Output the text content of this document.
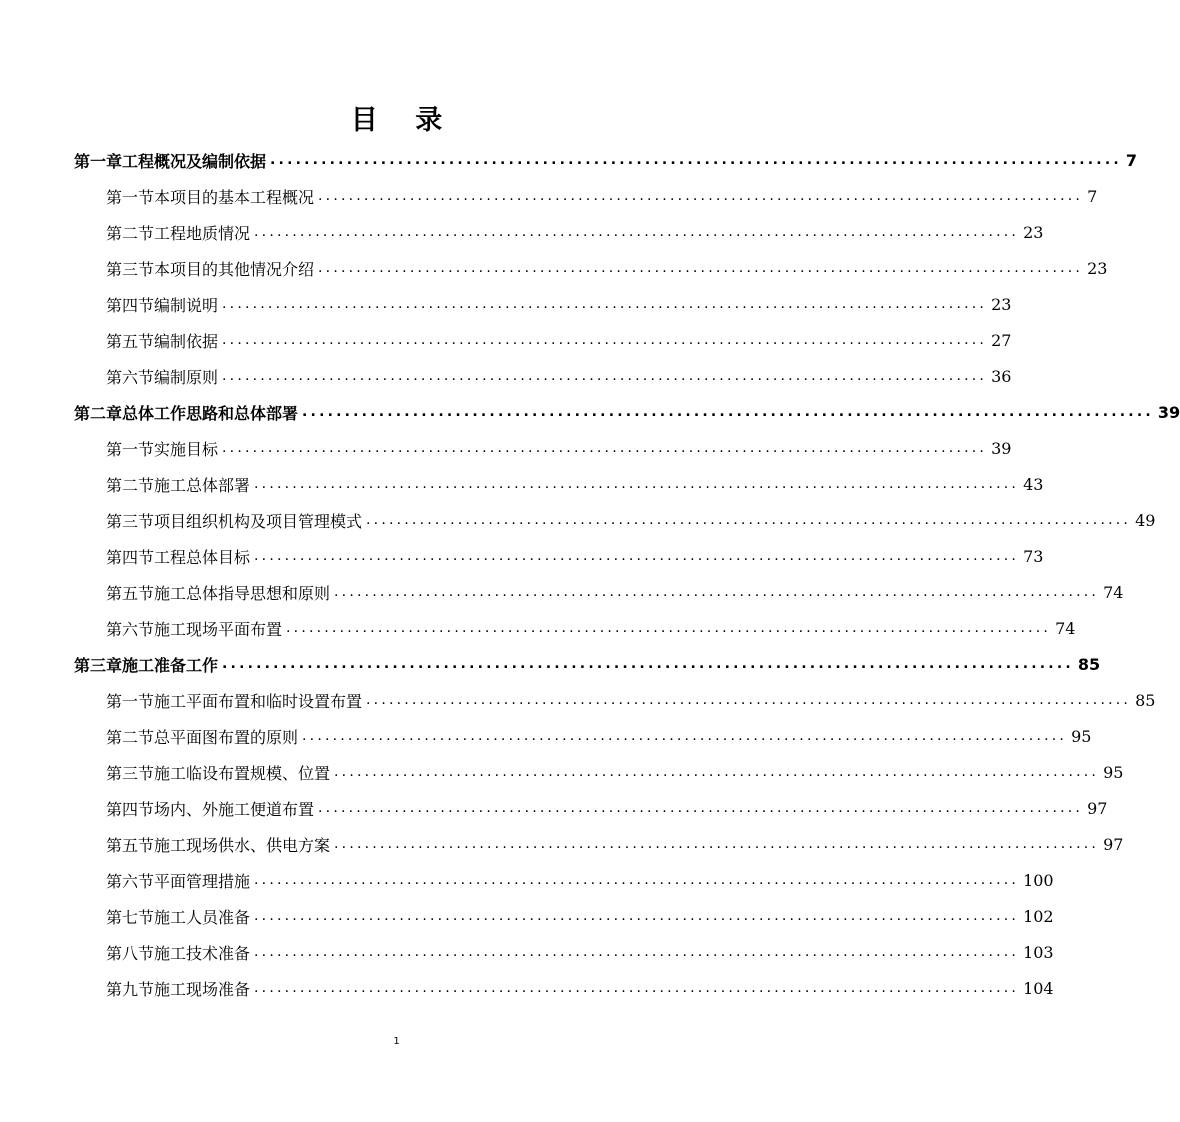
目 录
第一章 工程概况及编制依据 .................................................................................................... 7
第一节 本项目的基本工程概况 .................................................................................................... 7
第二节 工程地质情况 .................................................................................................... 23
第三节 本项目的其他情况介绍 .................................................................................................... 23
第四节 编制说明 .................................................................................................... 23
第五节 编制依据 .................................................................................................... 27
第六节 编制原则 .................................................................................................... 36
第二章 总体工作思路和总体部署 .................................................................................................... 39
第一节 实施目标 .................................................................................................... 39
第二节 施工总体部署 .................................................................................................... 43
第三节 项目组织机构及项目管理模式 .................................................................................................... 49
第四节 工程总体目标 .................................................................................................... 73
第五节 施工总体指导思想和原则 .................................................................................................... 74
第六节 施工现场平面布置 .................................................................................................... 74
第三章 施工准备工作 .................................................................................................... 85
第一节 施工平面布置和临时设置布置 .................................................................................................... 85
第二节 总平面图布置的原则 .................................................................................................... 95
第三节 施工临设布置规模、位置 .................................................................................................... 95
第四节 场内、外施工便道布置 .................................................................................................... 97
第五节 施工现场供水、供电方案 .................................................................................................... 97
第六节 平面管理措施 .................................................................................................... 100
第七节 施工人员准备 .................................................................................................... 102
第八节 施工技术准备 .................................................................................................... 103
第九节 施工现场准备 .................................................................................................... 104
1
